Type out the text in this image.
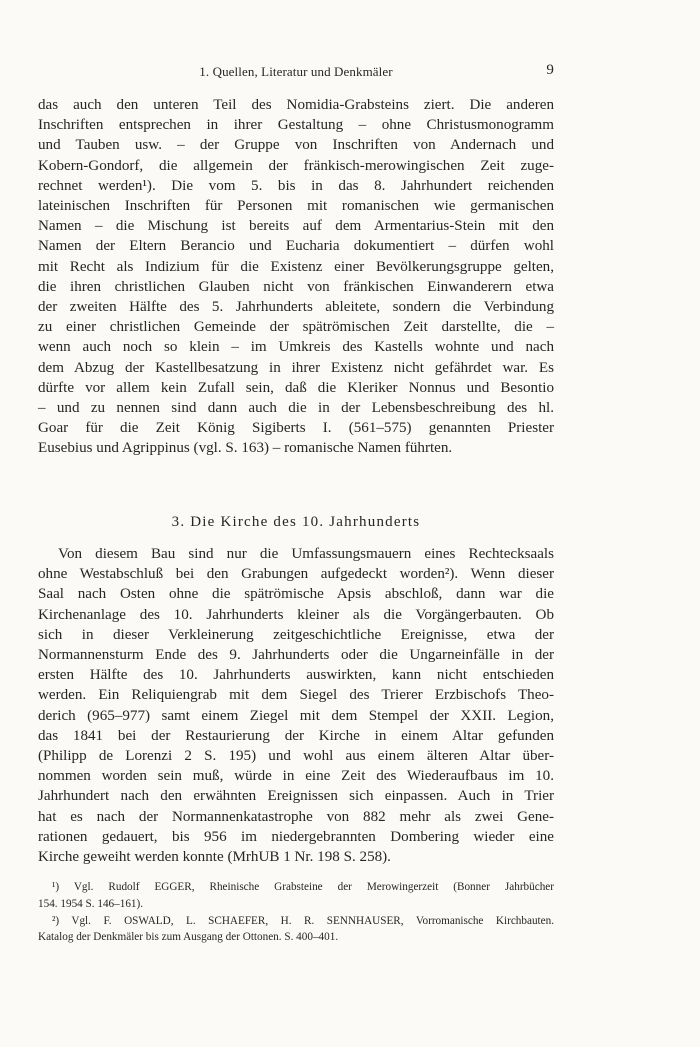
1. Quellen, Literatur und Denkmäler	9

das auch den unteren Teil des Nomidia-Grabsteins ziert. Die anderen
Inschriften entsprechen in ihrer Gestaltung – ohne Christusmonogramm
und Tauben usw. – der Gruppe von Inschriften von Andernach und
Kobern-Gondorf, die allgemein der fränkisch-merowingischen Zeit zuge-
rechnet werden¹). Die vom 5. bis in das 8. Jahrhundert reichenden
lateinischen Inschriften für Personen mit romanischen wie germanischen
Namen – die Mischung ist bereits auf dem Armentarius-Stein mit den
Namen der Eltern Berancio und Eucharia dokumentiert – dürfen wohl
mit Recht als Indizium für die Existenz einer Bevölkerungsgruppe gelten,
die ihren christlichen Glauben nicht von fränkischen Einwanderern etwa
der zweiten Hälfte des 5. Jahrhunderts ableitete, sondern die Verbindung
zu einer christlichen Gemeinde der spätrömischen Zeit darstellte, die –
wenn auch noch so klein – im Umkreis des Kastells wohnte und nach
dem Abzug der Kastellbesatzung in ihrer Existenz nicht gefährdet war. Es
dürfte vor allem kein Zufall sein, daß die Kleriker Nonnus und Besontio
– und zu nennen sind dann auch die in der Lebensbeschreibung des hl.
Goar für die Zeit König Sigiberts I. (561–575) genannten Priester
Eusebius und Agrippinus (vgl. S. 163) – romanische Namen führten.

3. Die Kirche des 10. Jahrhunderts

Von diesem Bau sind nur die Umfassungsmauern eines Rechtecksaals
ohne Westabschluß bei den Grabungen aufgedeckt worden²). Wenn dieser
Saal nach Osten ohne die spätrömische Apsis abschloß, dann war die
Kirchenanlage des 10. Jahrhunderts kleiner als die Vorgängerbauten. Ob
sich in dieser Verkleinerung zeitgeschichtliche Ereignisse, etwa der
Normannensturm Ende des 9. Jahrhunderts oder die Ungarneinfälle in der
ersten Hälfte des 10. Jahrhunderts auswirkten, kann nicht entschieden
werden. Ein Reliquiengrab mit dem Siegel des Trierer Erzbischofs Theo-
derich (965–977) samt einem Ziegel mit dem Stempel der XXII. Legion,
das 1841 bei der Restaurierung der Kirche in einem Altar gefunden
(Philipp de Lorenzi 2 S. 195) und wohl aus einem älteren Altar über-
nommen worden sein muß, würde in eine Zeit des Wiederaufbaus im 10.
Jahrhundert nach den erwähnten Ereignissen sich einpassen. Auch in Trier
hat es nach der Normannenkatastrophe von 882 mehr als zwei Gene-
rationen gedauert, bis 956 im niedergebrannten Dombering wieder eine
Kirche geweiht werden konnte (MrhUB 1 Nr. 198 S. 258).

¹) Vgl. Rudolf EGGER, Rheinische Grabsteine der Merowingerzeit (Bonner Jahrbücher
154. 1954 S. 146–161).
²) Vgl. F. OSWALD, L. SCHAEFER, H. R. SENNHAUSER, Vorromanische Kirchbauten.
Katalog der Denkmäler bis zum Ausgang der Ottonen. S. 400–401.
